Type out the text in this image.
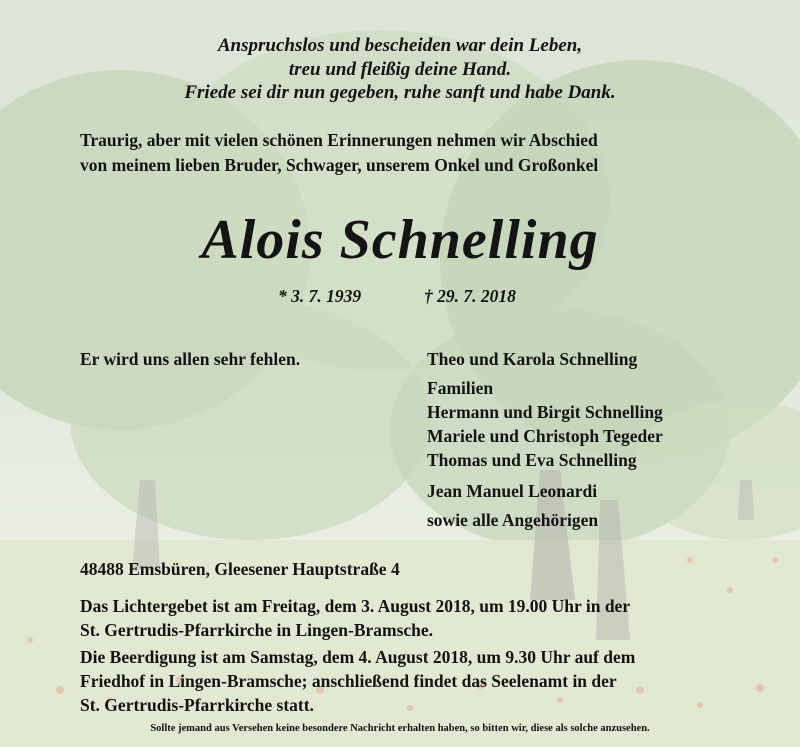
Anspruchslos und bescheiden war dein Leben,
treu und fleißig deine Hand.
Friede sei dir nun gegeben, ruhe sanft und habe Dank.
Traurig, aber mit vielen schönen Erinnerungen nehmen wir Abschied
von meinem lieben Bruder, Schwager, unserem Onkel und Großonkel
Alois Schnelling
* 3. 7. 1939	† 29. 7. 2018
Er wird uns allen sehr fehlen.	Theo und Karola Schnelling
Familien
Hermann und Birgit Schnelling
Mariele und Christoph Tegeder
Thomas und Eva Schnelling
Jean Manuel Leonardi
sowie alle Angehörigen
48488 Emsbüren, Gleesener Hauptstraße 4
Das Lichtergebet ist am Freitag, dem 3. August 2018, um 19.00 Uhr in der
St. Gertrudis-Pfarrkirche in Lingen-Bramsche.
Die Beerdigung ist am Samstag, dem 4. August 2018, um 9.30 Uhr auf dem
Friedhof in Lingen-Bramsche; anschließend findet das Seelenamt in der
St. Gertrudis-Pfarrkirche statt.
Sollte jemand aus Versehen keine besondere Nachricht erhalten haben, so bitten wir, diese als solche anzusehen.
